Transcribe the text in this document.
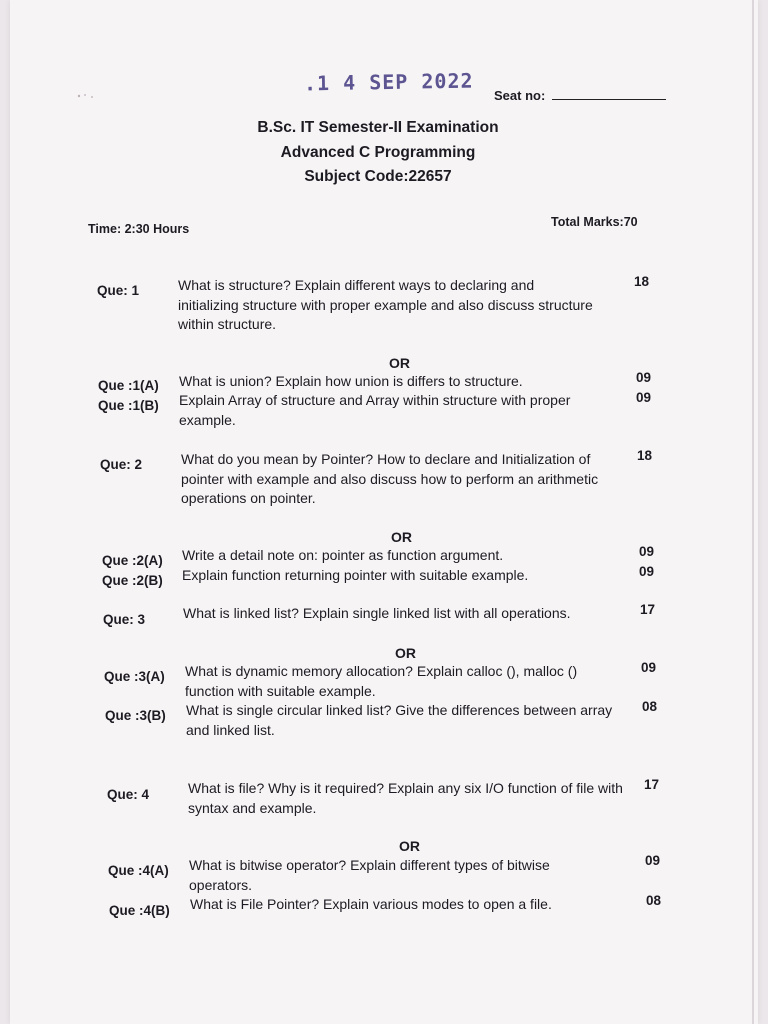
.1 4 SEP 2022
Seat no:
B.Sc. IT Semester-II Examination
Advanced C Programming
Subject Code:22657
Time: 2:30 Hours	Total Marks:70
Que: 1	What is structure? Explain different ways to declaring and initializing structure with proper example and also discuss structure within structure.
18
OR
Que :1(A) What is union? Explain how union is differs to structure.	09
Que :1(B) Explain Array of structure and Array within structure with proper example.
09
Que: 2	What do you mean by Pointer? How to declare and Initialization of pointer with example and also discuss how to perform an arithmetic operations on pointer.
18
OR
Que :2(A) Write a detail note on: pointer as function argument.	09
Que :2(B) Explain function returning pointer with suitable example.	09
Que: 3	What is linked list? Explain single linked list with all operations.	17
OR
Que :3(A) What is dynamic memory allocation? Explain calloc (), malloc () function with suitable example.
09
Que :3(B) What is single circular linked list? Give the differences between array and linked list.
08
Que: 4	What is file? Why is it required? Explain any six I/O function of file with syntax and example.
17
OR
Que :4(A) What is bitwise operator? Explain different types of bitwise operators.
09
Que :4(B) What is File Pointer? Explain various modes to open a file.	08
